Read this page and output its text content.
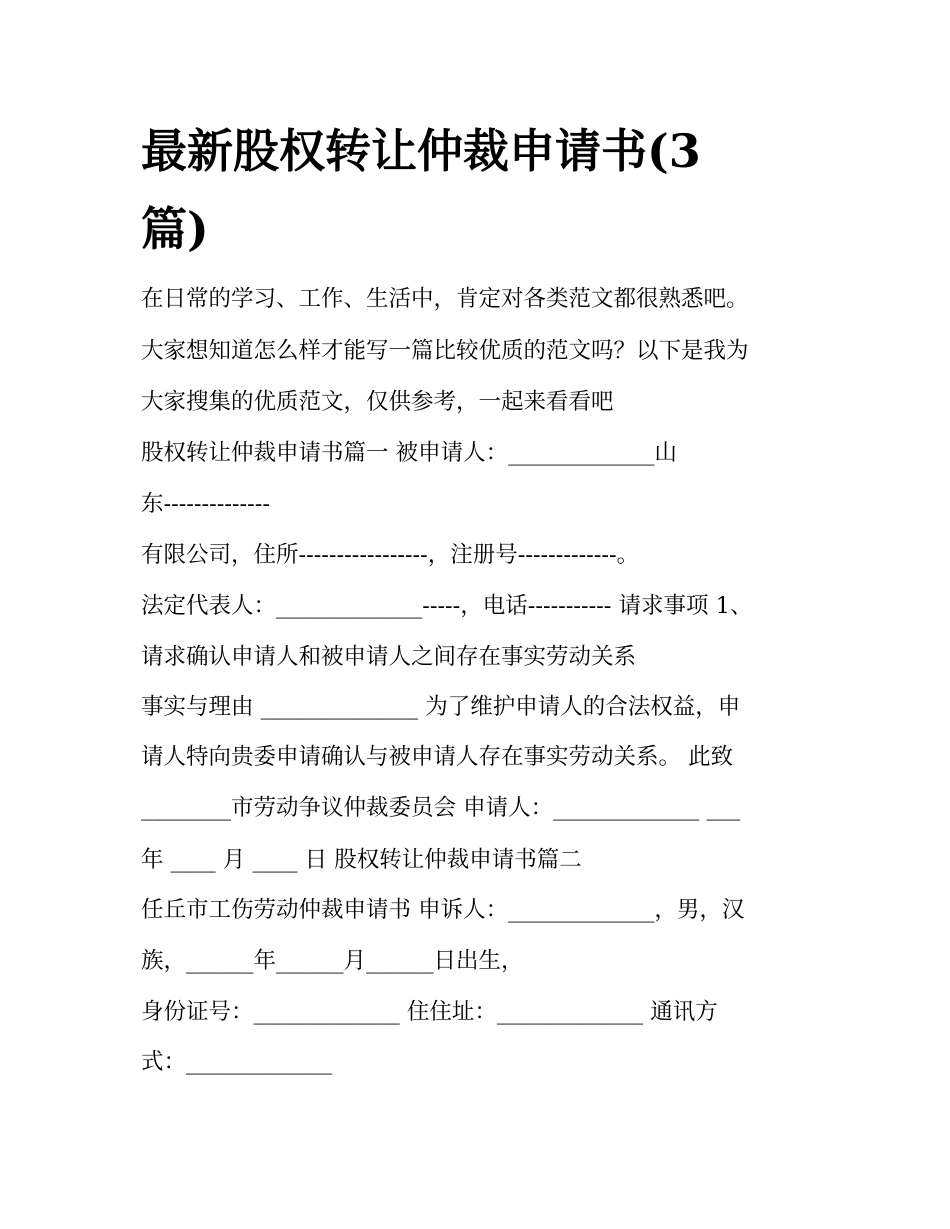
最新股权转让仲裁申请书(3
篇)

在日常的学习、工作、生活中，肯定对各类范文都很熟悉吧。

大家想知道怎么样才能写一篇比较优质的范文吗？以下是我为

大家搜集的优质范文，仅供参考，一起来看看吧

股权转让仲裁申请书篇一 被申请人：_____________山

东--------------

有限公司，住所-----------------，注册号-------------。

法定代表人：_____________-----，电话----------- 请求事项 1、

请求确认申请人和被申请人之间存在事实劳动关系

事实与理由 ______________ 为了维护申请人的合法权益，申

请人特向贵委申请确认与被申请人存在事实劳动关系。 此致

________市劳动争议仲裁委员会 申请人：_____________ ___

年 ____ 月 ____ 日 股权转让仲裁申请书篇二

任丘市工伤劳动仲裁申请书 申诉人：_____________，男，汉

族，______年______月______日出生，

身份证号：_____________ 住住址：_____________ 通讯方

式：_____________
